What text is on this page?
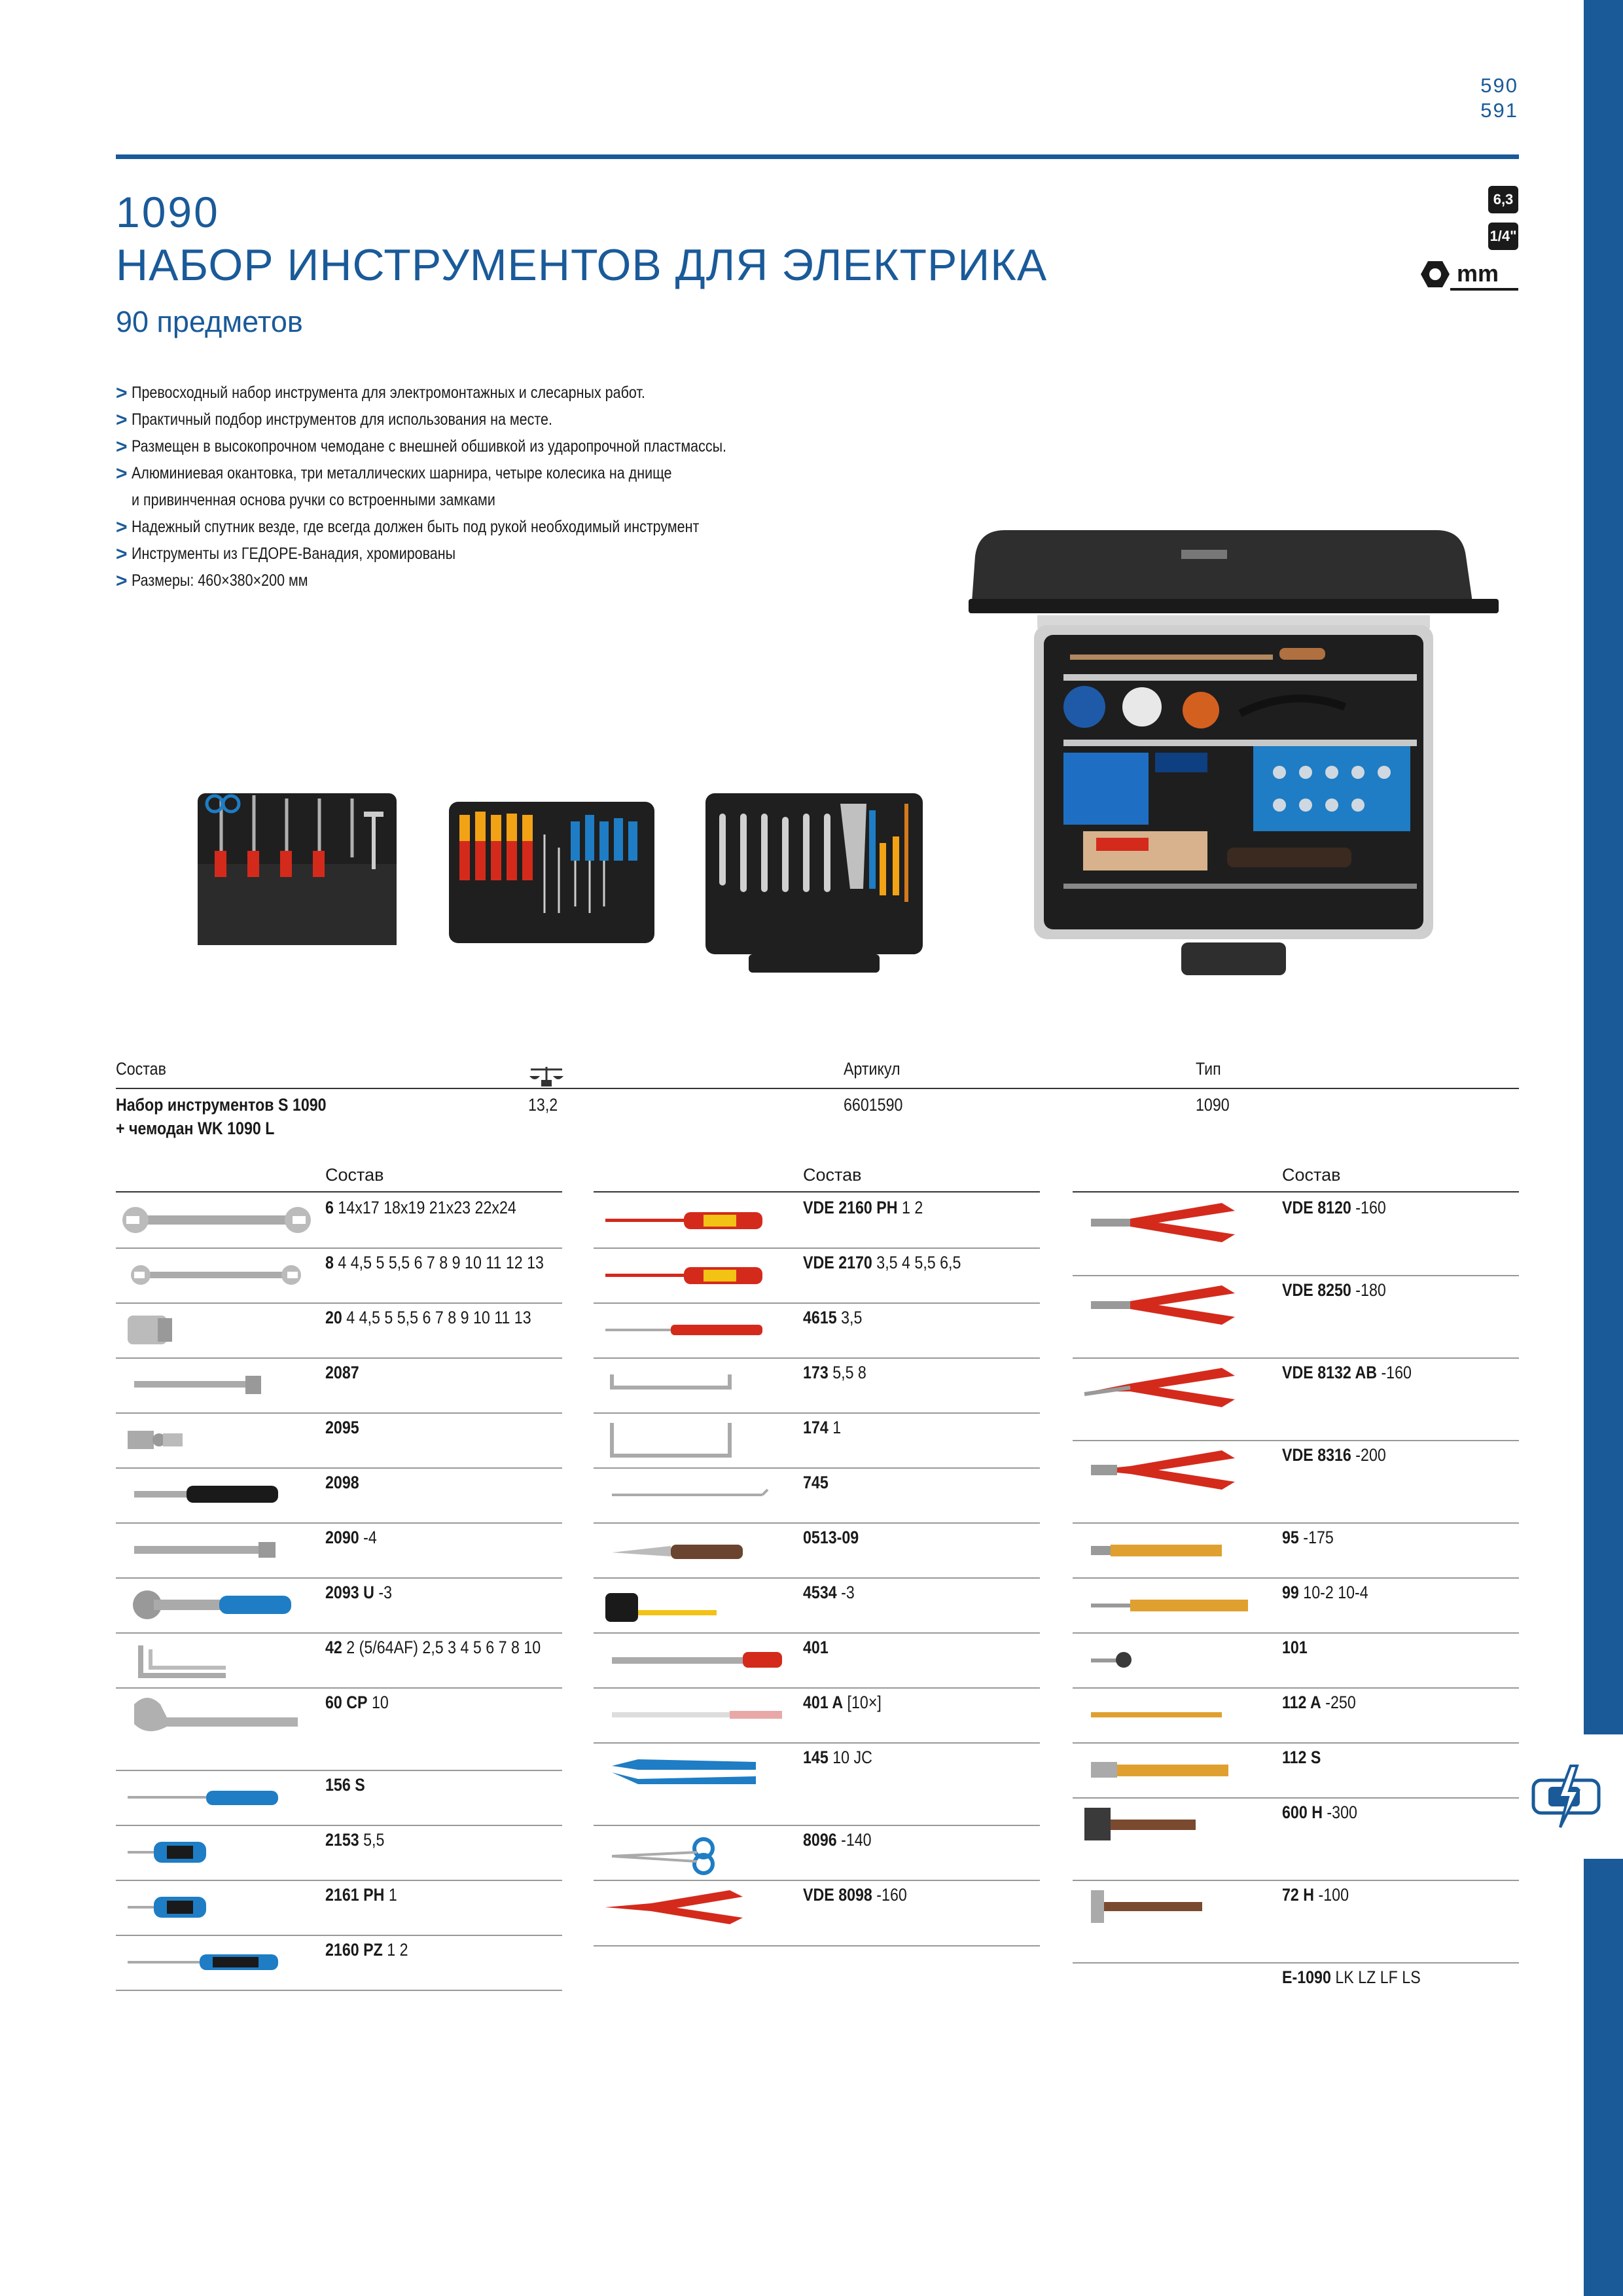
590
591
1090
НАБОР ИНСТРУМЕНТОВ ДЛЯ ЭЛЕКТРИКА
90 предметов
6,3
1/4"
mm
> Превосходный набор инструмента для электромонтажных и слесарных работ.
> Практичный подбор инструментов для использования на месте.
> Размещен в высокопрочном чемодане с внешней обшивкой из ударопрочной пластмассы.
> Алюминиевая окантовка, три металлических шарнира, четыре колесика на днище
и привинченная основа ручки со встроенными замками
> Надежный спутник везде, где всегда должен быть под рукой необходимый инструмент
> Инструменты из ГЕДОРЕ-Ванадия, хромированы
> Размеры: 460×380×200 мм
Состав	Артикул	Тип
Набор инструментов S 1090
+ чемодан WK 1090 L
13,2	6601590	1090
Состав
6 14x17 18x19 21x23 22x24
8 4 4,5 5 5,5 6 7 8 9 10 11 12 13
20 4 4,5 5 5,5 6 7 8 9 10 11 13
2087
2095
2098
2090 -4
2093 U -3
42 2 (5/64AF) 2,5 3 4 5 6 7 8 10
60 CP 10
156 S
2153 5,5
2161 PH 1
2160 PZ 1 2
Состав
VDE 2160 PH 1 2
VDE 2170 3,5 4 5,5 6,5
4615 3,5
173 5,5 8
174 1
745
0513-09
4534 -3
401
401 A [10×]
145 10 JC
8096 -140
VDE 8098 -160
Состав
VDE 8120 -160
VDE 8250 -180
VDE 8132 AB -160
VDE 8316 -200
95 -175
99 10-2 10-4
101
112 A -250
112 S
600 H -300
72 H -100
E-1090 LK LZ LF LS
